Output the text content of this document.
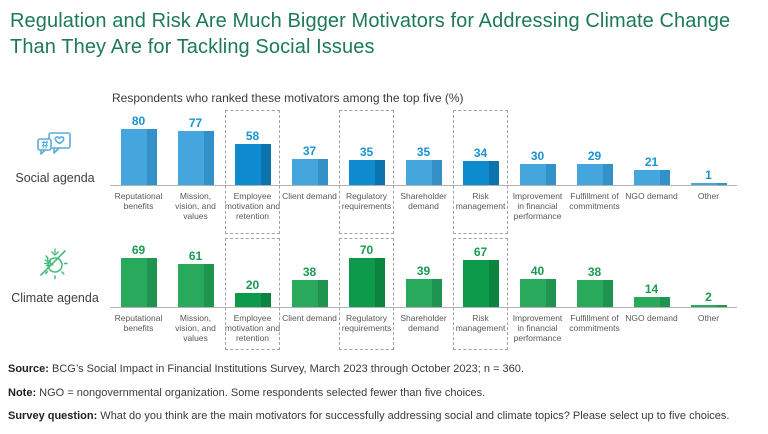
Regulation and Risk Are Much Bigger Motivators for Addressing Climate Change Than They Are for Tackling Social Issues
Respondents who ranked these motivators among the top five (%)
Social agenda
80
Reputational benefits
77
Mission, vision, and values
58
Employee motivation and retention
37
Client demand
35
Regulatory requirements
35
Shareholder demand
34
Risk management
30
Improvement in financial performance
29
Fulfillment of commitments
21
NGO demand
1
Other
Climate agenda
69
Reputational benefits
61
Mission, vision, and values
20
Employee motivation and retention
38
Client demand
70
Regulatory requirements
39
Shareholder demand
67
Risk management
40
Improvement in financial performance
38
Fulfillment of commitments
14
NGO demand
2
Other
Source: BCG’s Social Impact in Financial Institutions Survey, March 2023 through October 2023; n = 360.
Note: NGO = nongovernmental organization. Some respondents selected fewer than five choices.
Survey question: What do you think are the main motivators for successfully addressing social and climate topics? Please select up to five choices.
